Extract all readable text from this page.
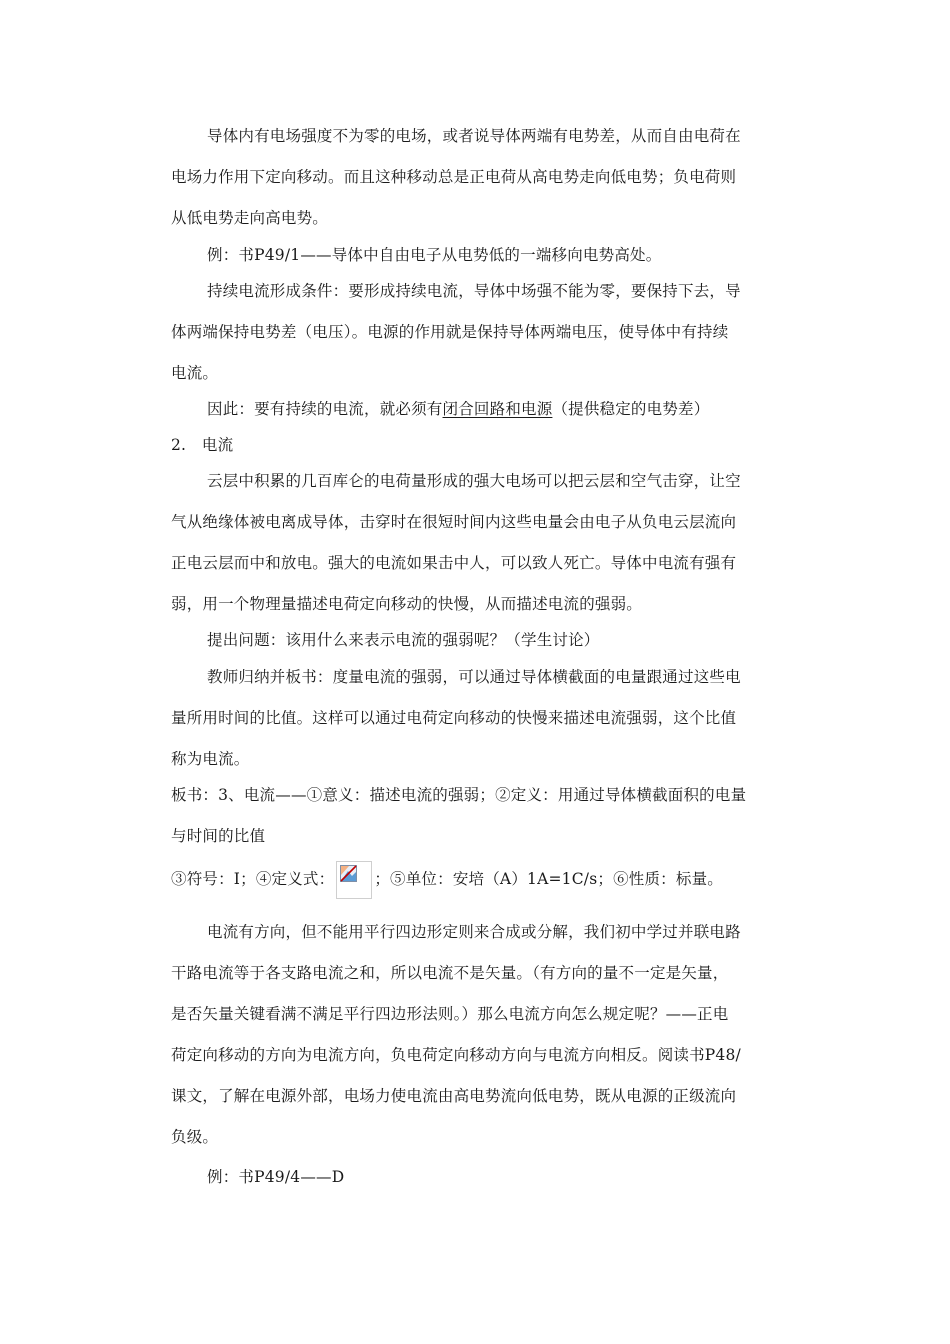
导体内有电场强度不为零的电场，或者说导体两端有电势差，从而自由电荷在
电场力作用下定向移动。而且这种移动总是正电荷从高电势走向低电势；负电荷则
从低电势走向高电势。
例：书P49/1——导体中自由电子从电势低的一端移向电势高处。
持续电流形成条件：要形成持续电流，导体中场强不能为零，要保持下去，导
体两端保持电势差（电压）。电源的作用就是保持导体两端电压，使导体中有持续
电流。
因此：要有持续的电流，就必须有闭合回路和电源（提供稳定的电势差）
2.　电流
云层中积累的几百库仑的电荷量形成的强大电场可以把云层和空气击穿，让空
气从绝缘体被电离成导体，击穿时在很短时间内这些电量会由电子从负电云层流向
正电云层而中和放电。强大的电流如果击中人，可以致人死亡。导体中电流有强有
弱，用一个物理量描述电荷定向移动的快慢，从而描述电流的强弱。
提出问题：该用什么来表示电流的强弱呢？（学生讨论）
教师归纳并板书：度量电流的强弱，可以通过导体横截面的电量跟通过这些电
量所用时间的比值。这样可以通过电荷定向移动的快慢来描述电流强弱，这个比值
称为电流。
板书：3、电流——①意义：描述电流的强弱；②定义：用通过导体横截面积的电量
与时间的比值
③符号：I；④定义式：	；⑤单位：安培（A）1A=1C/s；⑥性质：标量。
电流有方向，但不能用平行四边形定则来合成或分解，我们初中学过并联电路
干路电流等于各支路电流之和，所以电流不是矢量。（有方向的量不一定是矢量，
是否矢量关键看满不满足平行四边形法则。）那么电流方向怎么规定呢？——正电
荷定向移动的方向为电流方向，负电荷定向移动方向与电流方向相反。阅读书P48/
课文，了解在电源外部，电场力使电流由高电势流向低电势，既从电源的正级流向
负级。
例：书P49/4——D
